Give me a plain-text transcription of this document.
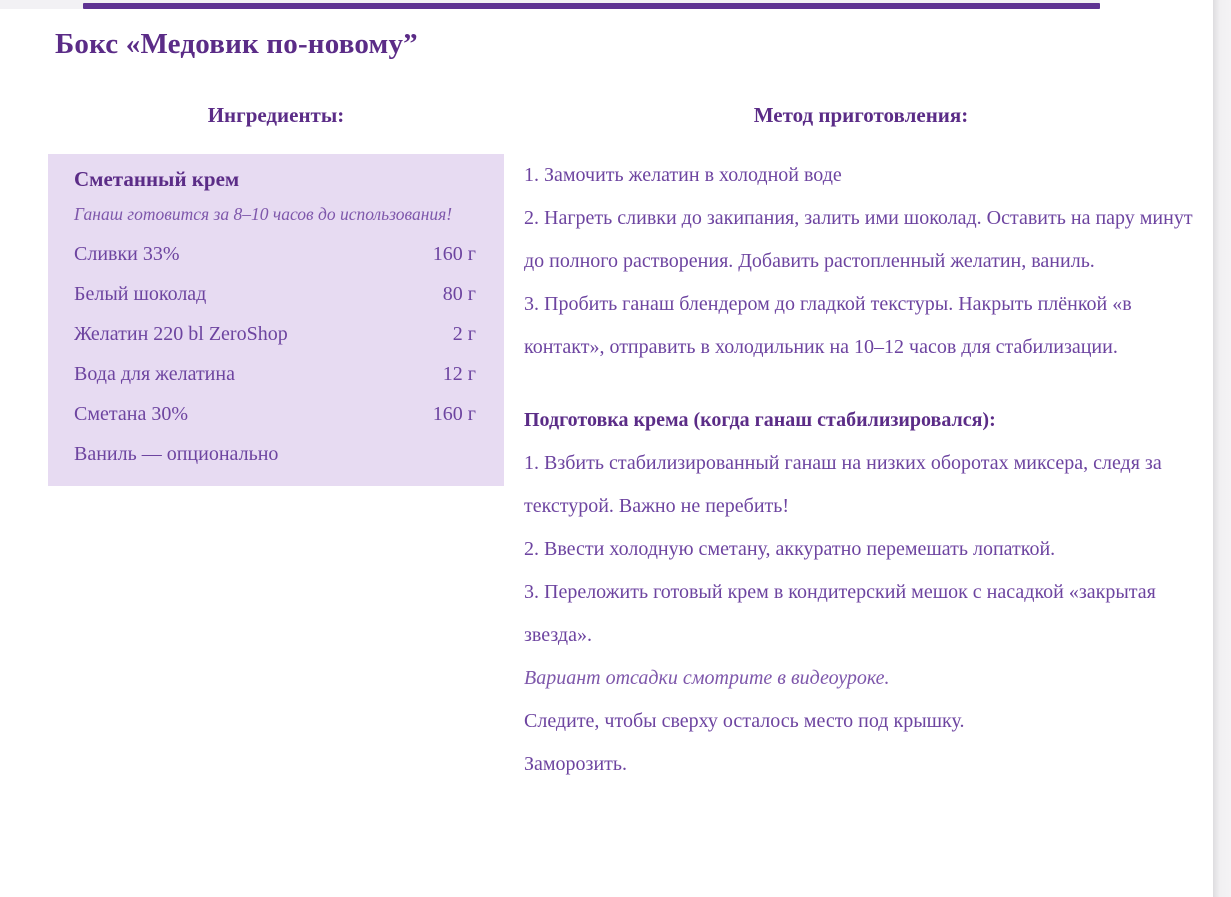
Бокс «Медовик по-новому”
Ингредиенты:
Сметанный крем
Ганаш готовится за 8–10 часов до использования!
Сливки 33%	160 г
Белый шоколад	80 г
Желатин 220 bl ZeroShop	2 г
Вода для желатина	12 г
Сметана 30%	160 г
Ваниль — опционально
Метод приготовления:

1. Замочить желатин в холодной воде

2. Нагреть сливки до закипания, залить ими шоколад. Оставить на пару минут до полного растворения. Добавить растопленный желатин, ваниль.

3. Пробить ганаш блендером до гладкой текстуры. Накрыть плёнкой «в контакт», отправить в холодильник на 10–12 часов для стабилизации.

Подготовка крема (когда ганаш стабилизировался):

1. Взбить стабилизированный ганаш на низких оборотах миксера, следя за текстурой. Важно не перебить!

2. Ввести холодную сметану, аккуратно перемешать лопаткой.

3. Переложить готовый крем в кондитерский мешок с насадкой «закрытая звезда».

Вариант отсадки смотрите в видеоуроке.

Следите, чтобы сверху осталось место под крышку.

Заморозить.
